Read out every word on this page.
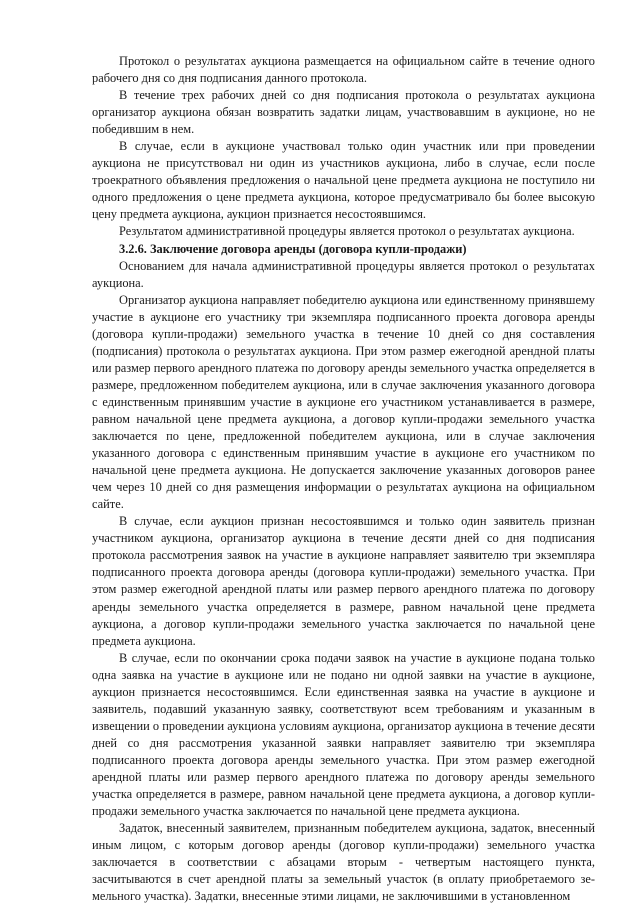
Протокол о результатах аукциона размещается на официальном сайте в течение одного рабочего дня со дня подписания данного протокола.

В течение трех рабочих дней со дня подписания протокола о результатах аукциона организатор аукциона обязан возвратить задатки лицам, участвовавшим в аукционе, но не победившим в нем.

В случае, если в аукционе участвовал только один участник или при проведении аукциона не присутствовал ни один из участников аукциона, либо в случае, если после троекратного объявления предложения о начальной цене предмета аукциона не поступило ни одного предложения о цене предмета аукциона, которое предусматривало бы более высокую цену предмета аукциона, аукцион признается несостоявшимся.

Результатом административной процедуры является протокол о результатах аукциона.

3.2.6. Заключение договора аренды (договора купли-продажи)

Основанием для начала административной процедуры является протокол о результатах аукциона.

Организатор аукциона направляет победителю аукциона или единственному принявшему участие в аукционе его участнику три экземпляра подписанного проекта договора аренды (договора купли-продажи) земельного участка в течение 10 дней со дня составления (подписания) протокола о результатах аукциона. При этом размер ежегодной арендной платы или размер первого арендного платежа по договору аренды земельного участка определяется в размере, предложенном победителем аукциона, или в случае заключения указанного договора с единственным принявшим участие в аукционе его участником устанавливается в размере, равном начальной цене предмета аукциона, а договор купли-продажи земельного участка заключается по цене, предложенной победителем аукциона, или в случае заключения указанного договора с единственным принявшим участие в аукционе его участником по начальной цене предмета аукциона. Не допускается заключение указанных договоров ранее чем через 10 дней со дня размещения информации о результатах аукциона на официальном сайте.

В случае, если аукцион признан несостоявшимся и только один заявитель признан участником аукциона, организатор аукциона в течение десяти дней со дня подписания протокола рассмотрения заявок на участие в аукционе направляет заявителю три экземпляра подписанного проекта договора аренды (договора купли-продажи) земельного участка. При этом размер ежегодной арендной платы или размер первого арендного платежа по договору аренды земельного участка определяется в размере, равном начальной цене предмета аукциона, а договор купли-продажи земельного участка заключается по начальной цене предмета аукциона.

В случае, если по окончании срока подачи заявок на участие в аукционе подана только одна заявка на участие в аукционе или не подано ни одной заявки на участие в аукционе, аукцион признается несостоявшимся. Если единственная заявка на участие в аукционе и заявитель, подавший указанную заявку, соответствуют всем требованиям и указанным в извещении о проведении аукциона условиям аукциона, организатор аукциона в течение десяти дней со дня рассмотрения указанной заявки направляет заявителю три экземпляра подписанного проекта договора аренды земельного участка. При этом размер ежегодной арендной платы или размер первого арендного платежа по договору аренды земельного участка определяется в размере, равном начальной цене предмета аукциона, а договор купли-продажи земельного участка заключается по начальной цене предмета аукциона.

Задаток, внесенный заявителем, признанным победителем аукциона, задаток, внесенный иным лицом, с которым договор аренды (договор купли-продажи) земельного участка заключается в соответствии с абзацами вторым - четвертым настоящего пункта, засчитываются в счет арендной платы за земельный участок (в оплату приобретаемого земельного участка). Задатки, внесенные этими лицами, не заключившими в установленном
